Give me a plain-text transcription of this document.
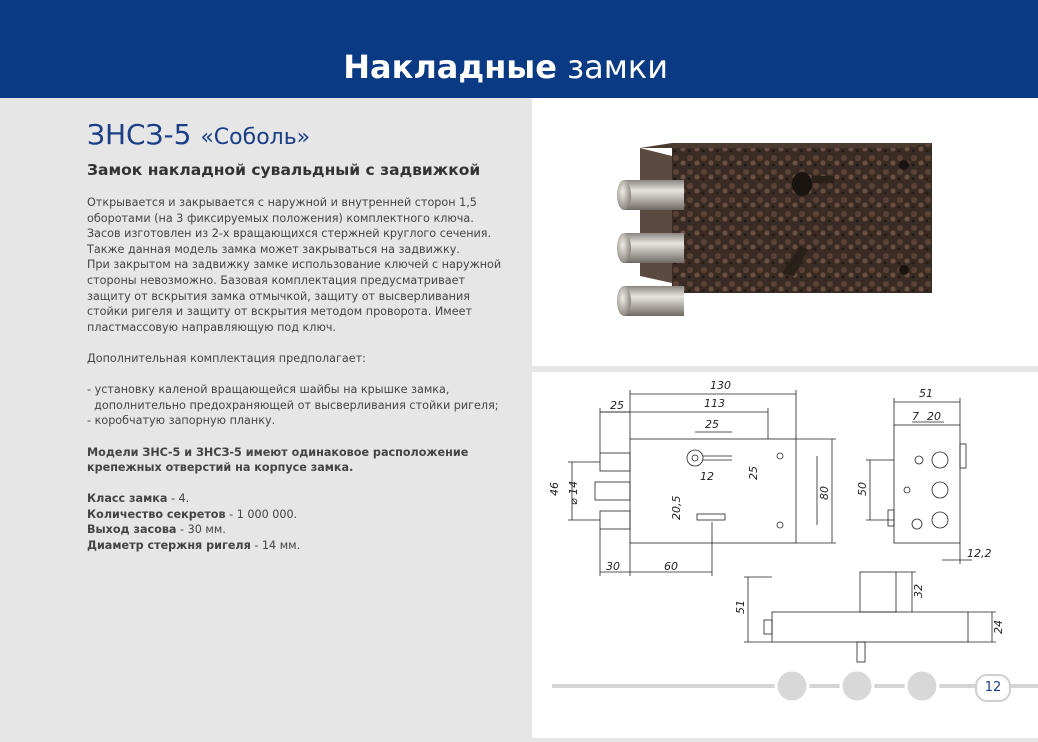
Накладные замки
ЗНСЗ-5 «Соболь»
Замок накладной сувальдный с задвижкой

Открывается и закрывается с наружной и внутренней сторон 1,5

оборотами (на 3 фиксируемых положения) комплектного ключа.

Засов изготовлен из 2-х вращающихся стержней круглого сечения.

Также данная модель замка может закрываться на задвижку.

При закрытом на задвижку замке использование ключей с наружной

стороны невозможно. Базовая комплектация предусматривает

защиту от вскрытия замка отмычкой, защиту от высверливания

стойки ригеля и защиту от вскрытия методом проворота. Имеет

пластмассовую направляющую под ключ.

Дополнительная комплектация предполагает:

- установку каленой вращающейся шайбы на крышке замка,

дополнительно предохраняющей от высверливания стойки ригеля;

- коробчатую запорную планку.

Модели ЗНС-5 и ЗНСЗ-5 имеют одинаковое расположение

крепежных отверстий на корпусе замка.

Класс замка - 4.

Количество секретов - 1 000 000.

Выход засова - 30 мм.

Диаметр стержня ригеля - 14 мм.

130
113
25
25
12	25
46 ⌀ 14
20,5
80
30	60
51
7 20
50
12,2
51
32
24
12
